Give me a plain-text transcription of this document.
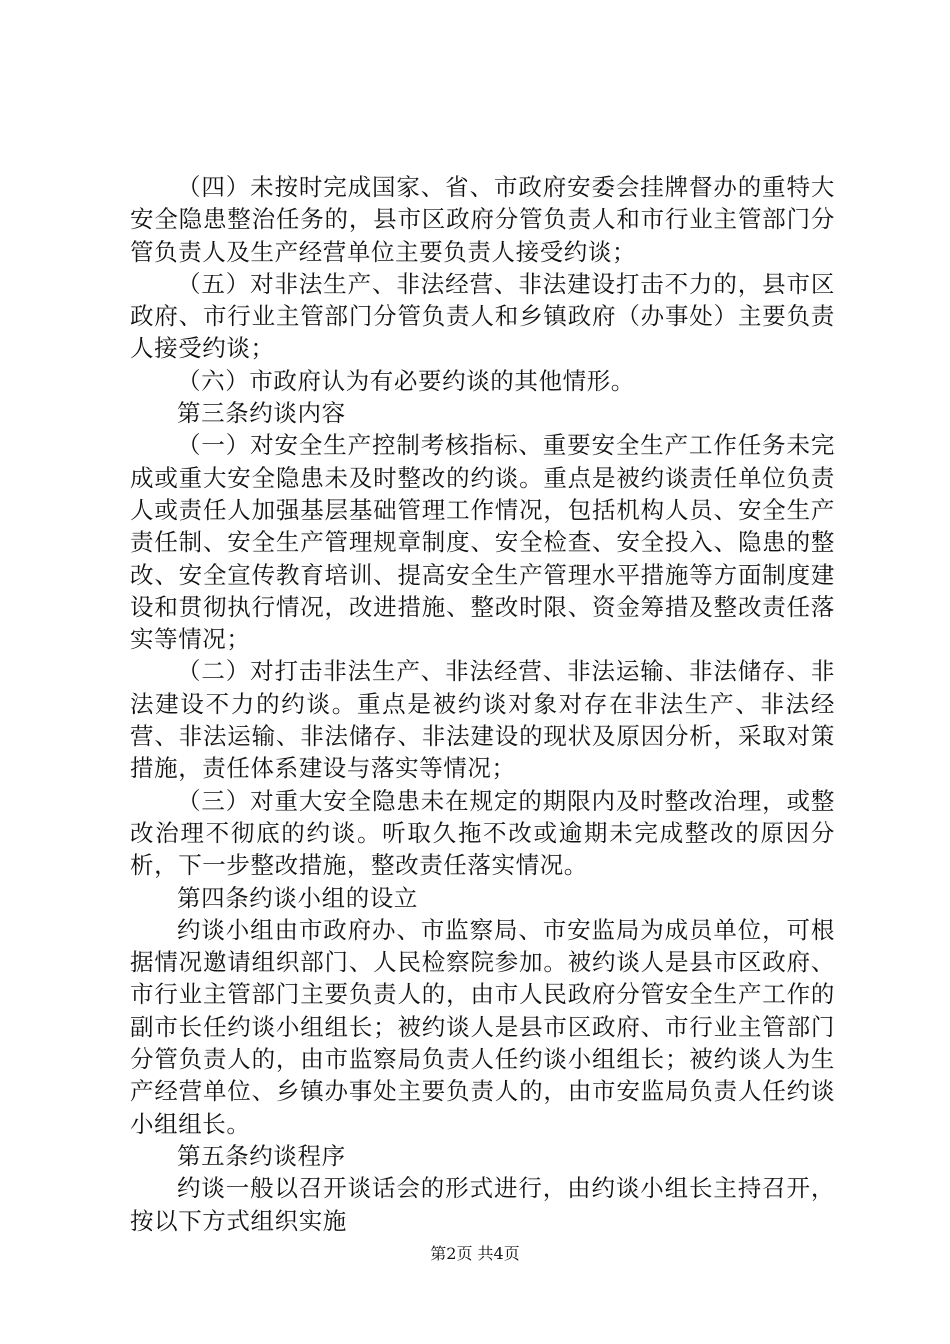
（四）未按时完成国家、省、市政府安委会挂牌督办的重特大安全隐患整治任务的，县市区政府分管负责人和市行业主管部门分管负责人及生产经营单位主要负责人接受约谈；

（五）对非法生产、非法经营、非法建设打击不力的，县市区政府、市行业主管部门分管负责人和乡镇政府（办事处）主要负责人接受约谈；

（六）市政府认为有必要约谈的其他情形。

第三条约谈内容

（一）对安全生产控制考核指标、重要安全生产工作任务未完成或重大安全隐患未及时整改的约谈。重点是被约谈责任单位负责人或责任人加强基层基础管理工作情况，包括机构人员、安全生产责任制、安全生产管理规章制度、安全检查、安全投入、隐患的整改、安全宣传教育培训、提高安全生产管理水平措施等方面制度建设和贯彻执行情况，改进措施、整改时限、资金筹措及整改责任落实等情况；

（二）对打击非法生产、非法经营、非法运输、非法储存、非法建设不力的约谈。重点是被约谈对象对存在非法生产、非法经营、非法运输、非法储存、非法建设的现状及原因分析，采取对策措施，责任体系建设与落实等情况；

（三）对重大安全隐患未在规定的期限内及时整改治理，或整改治理不彻底的约谈。听取久拖不改或逾期未完成整改的原因分析，下一步整改措施，整改责任落实情况。

第四条约谈小组的设立

约谈小组由市政府办、市监察局、市安监局为成员单位，可根据情况邀请组织部门、人民检察院参加。被约谈人是县市区政府、市行业主管部门主要负责人的，由市人民政府分管安全生产工作的副市长任约谈小组组长；被约谈人是县市区政府、市行业主管部门分管负责人的，由市监察局负责人任约谈小组组长；被约谈人为生产经营单位、乡镇办事处主要负责人的，由市安监局负责人任约谈小组组长。

第五条约谈程序

约谈一般以召开谈话会的形式进行，由约谈小组长主持召开，按以下方式组织实施

第2页 共4页
